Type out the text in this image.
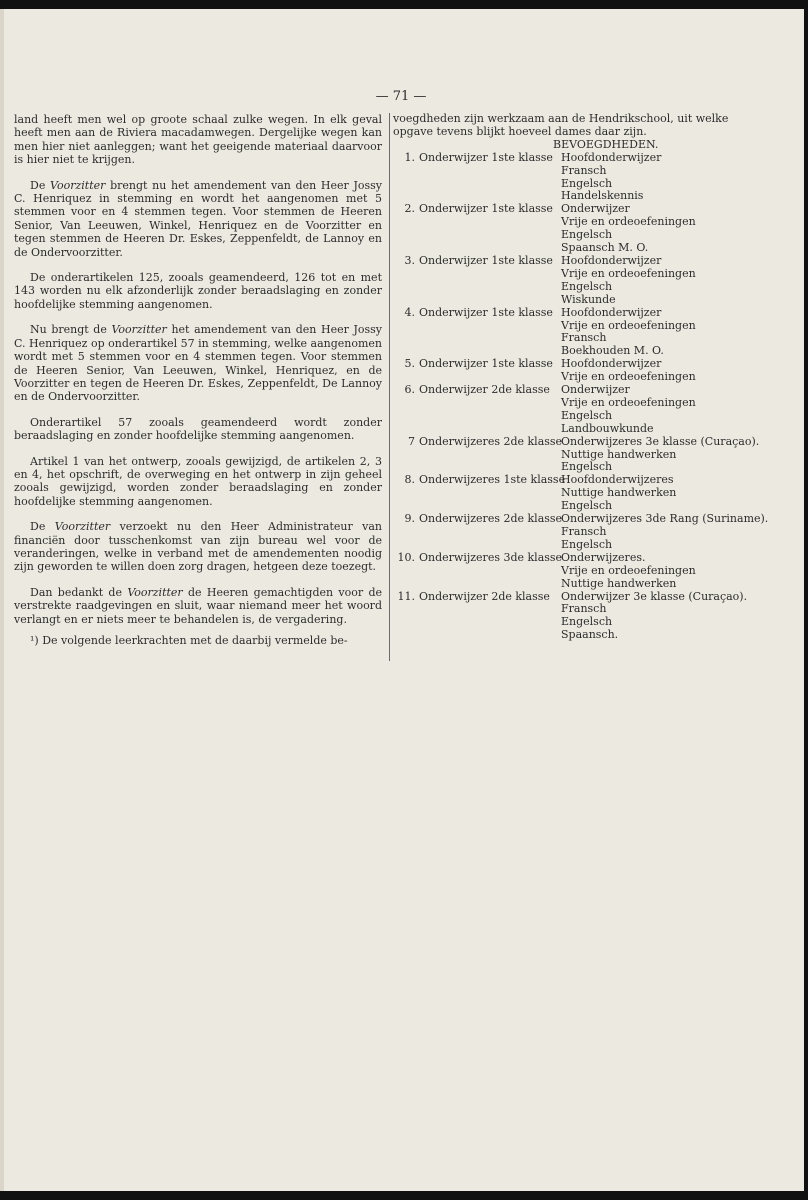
— 71 —

land heeft men wel op groote schaal zulke wegen. In elk geval heeft men aan de Riviera macadamwegen. Dergelijke wegen kan men hier niet aanleggen; want het geeigende materiaal daarvoor is hier niet te krijgen.

De Voorzitter brengt nu het amendement van den Heer Jossy C. Henriquez in stemming en wordt het aangenomen met 5 stemmen voor en 4 stemmen tegen. Voor stemmen de Heeren Senior, Van Leeuwen, Winkel, Henriquez en de Voorzitter en tegen stemmen de Heeren Dr. Eskes, Zeppenfeldt, de Lannoy en de Ondervoorzitter.

De onderartikelen 125, zooals geamendeerd, 126 tot en met 143 worden nu elk afzonderlijk zonder beraadslaging en zonder hoofdelijke stemming aangenomen.

Nu brengt de Voorzitter het amendement van den Heer Jossy C. Henriquez op onderartikel 57 in stemming, welke aangenomen wordt met 5 stemmen voor en 4 stemmen tegen. Voor stemmen de Heeren Senior, Van Leeuwen, Winkel, Henriquez, en de Voorzitter en tegen de Heeren Dr. Eskes, Zeppenfeldt, De Lannoy en de Ondervoorzitter.

Onderartikel 57 zooals geamendeerd wordt zonder beraadslaging en zonder hoofdelijke stemming aangenomen.

Artikel 1 van het ontwerp, zooals gewijzigd, de artikelen 2, 3 en 4, het opschrift, de overweging en het ontwerp in zijn geheel zooals gewijzigd, worden zonder beraadslaging en zonder hoofdelijke stemming aangenomen.

De Voorzitter verzoekt nu den Heer Administrateur van financiën door tusschenkomst van zijn bureau wel voor de veranderingen, welke in verband met de amendementen noodig zijn geworden te willen doen zorg dragen, hetgeen deze toezegt.

Dan bedankt de Voorzitter de Heeren gemachtigden voor de verstrekte raadgevingen en sluit, waar niemand meer het woord verlangt en er niets meer te behandelen is, de vergadering.

¹) De volgende leerkrachten met de daarbij vermelde be-

voegdheden zijn werkzaam aan de Hendrikschool, uit welke
opgave tevens blijkt hoeveel dames daar zijn.
BEVOEGDHEDEN.
1. Onderwijzer 1ste klasse Hoofdonderwijzer
Fransch
Engelsch
Handelskennis
2. Onderwijzer 1ste klasse Onderwijzer
Vrije en ordeoefeningen
Engelsch
Spaansch M. O.
3. Onderwijzer 1ste klasse Hoofdonderwijzer
Vrije en ordeoefeningen
Engelsch
Wiskunde
4. Onderwijzer 1ste klasse Hoofdonderwijzer
Vrije en ordeoefeningen
Fransch
Boekhouden M. O.
5. Onderwijzer 1ste klasse Hoofdonderwijzer
Vrije en ordeoefeningen
6. Onderwijzer 2de klasse	Onderwijzer
Vrije en ordeoefeningen
Engelsch
Landbouwkunde
7 Onderwijzeres 2de klasse
Onderwijzeres 3e klasse (Curaçao).
Nuttige handwerken
Engelsch
8. Onderwijzeres 1ste klasse
Hoofdonderwijzeres
Nuttige handwerken
Engelsch
9. Onderwijzeres 2de klasse
Onderwijzeres 3de Rang (Suriname).
Fransch
Engelsch
10. Onderwijzeres 3de klasse
Onderwijzeres.
Vrije en ordeoefeningen
Nuttige handwerken
11. Onderwijzer 2de klasse	Onderwijzer 3e klasse (Curaçao).
Fransch
Engelsch
Spaansch.
